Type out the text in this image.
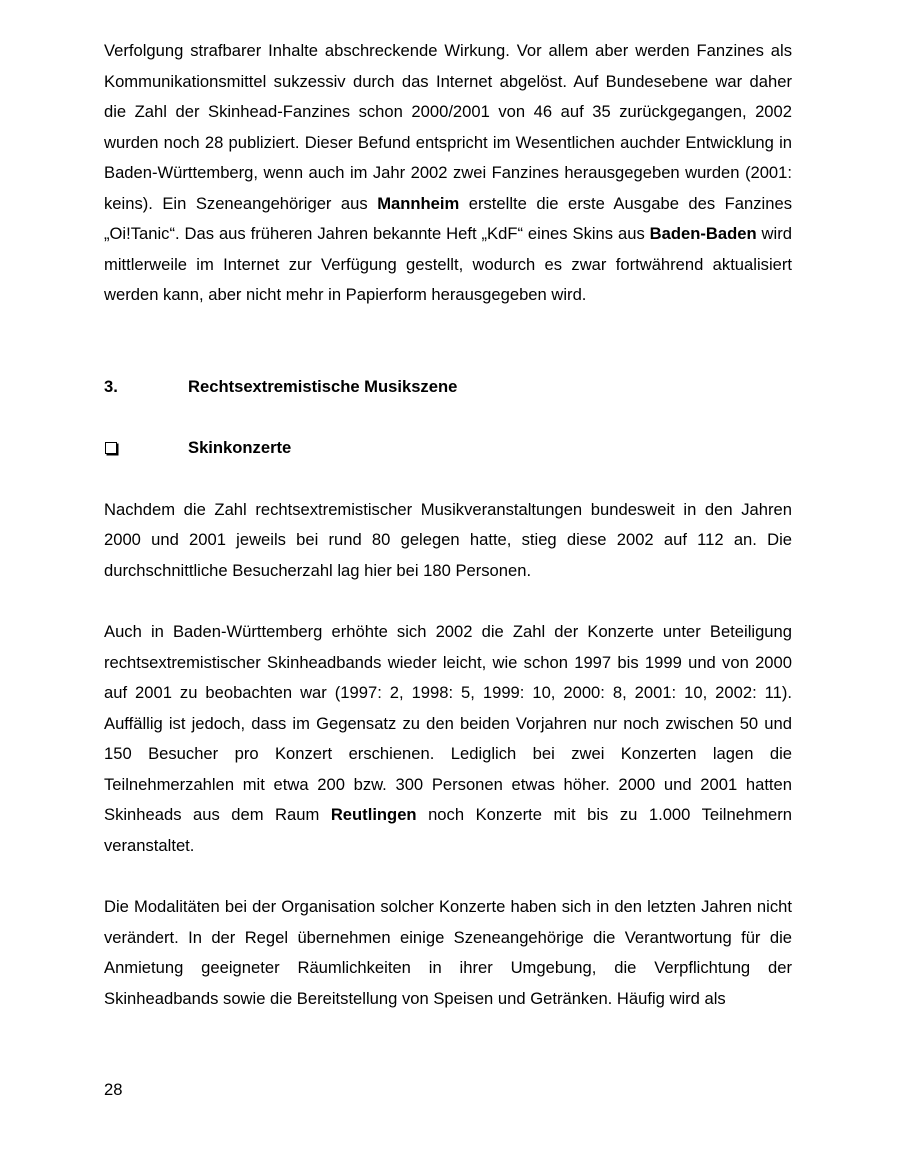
Verfolgung strafbarer Inhalte abschreckende Wirkung. Vor allem aber werden Fanzines als Kommunikationsmittel sukzessiv durch das Internet abgelöst. Auf Bundesebene war daher die Zahl der Skinhead-Fanzines schon 2000/2001 von 46 auf 35 zurückgegangen, 2002 wurden noch 28 publiziert. Dieser Befund entspricht im Wesentlichen auchder Entwicklung in Baden-Württemberg, wenn auch im Jahr 2002 zwei Fanzines herausgegeben wurden (2001: keins). Ein Szeneangehöriger aus Mannheim erstellte die erste Ausgabe des Fanzines „Oi!Tanic“. Das aus früheren Jahren bekannte Heft „KdF“ eines Skins aus Baden-Baden wird mittlerweile im Internet zur Verfügung gestellt, wodurch es zwar fortwährend aktualisiert werden kann, aber nicht mehr in Papierform herausgegeben wird.

3.	Rechtsextremistische Musikszene
Skinkonzerte

Nachdem die Zahl rechtsextremistischer Musikveranstaltungen bundesweit in den Jahren 2000 und 2001 jeweils bei rund 80 gelegen hatte, stieg diese 2002 auf 112 an. Die durchschnittliche Besucherzahl lag hier bei 180 Personen.

Auch in Baden-Württemberg erhöhte sich 2002 die Zahl der Konzerte unter Beteiligung rechtsextremistischer Skinheadbands wieder leicht, wie schon 1997 bis 1999 und von 2000 auf 2001 zu beobachten war (1997: 2, 1998: 5, 1999: 10, 2000: 8, 2001: 10, 2002: 11). Auffällig ist jedoch, dass im Gegensatz zu den beiden Vorjahren nur noch zwischen 50 und 150 Besucher pro Konzert erschienen. Lediglich bei zwei Konzerten lagen die Teilnehmerzahlen mit etwa 200 bzw. 300 Personen etwas höher. 2000 und 2001 hatten Skinheads aus dem Raum Reutlingen noch Konzerte mit bis zu 1.000 Teilnehmern veranstaltet.

Die Modalitäten bei der Organisation solcher Konzerte haben sich in den letzten Jahren nicht verändert. In der Regel übernehmen einige Szeneangehörige die Verantwortung für die Anmietung geeigneter Räumlichkeiten in ihrer Umgebung, die Verpflichtung der Skinheadbands sowie die Bereitstellung von Speisen und Getränken. Häufig wird als

28
